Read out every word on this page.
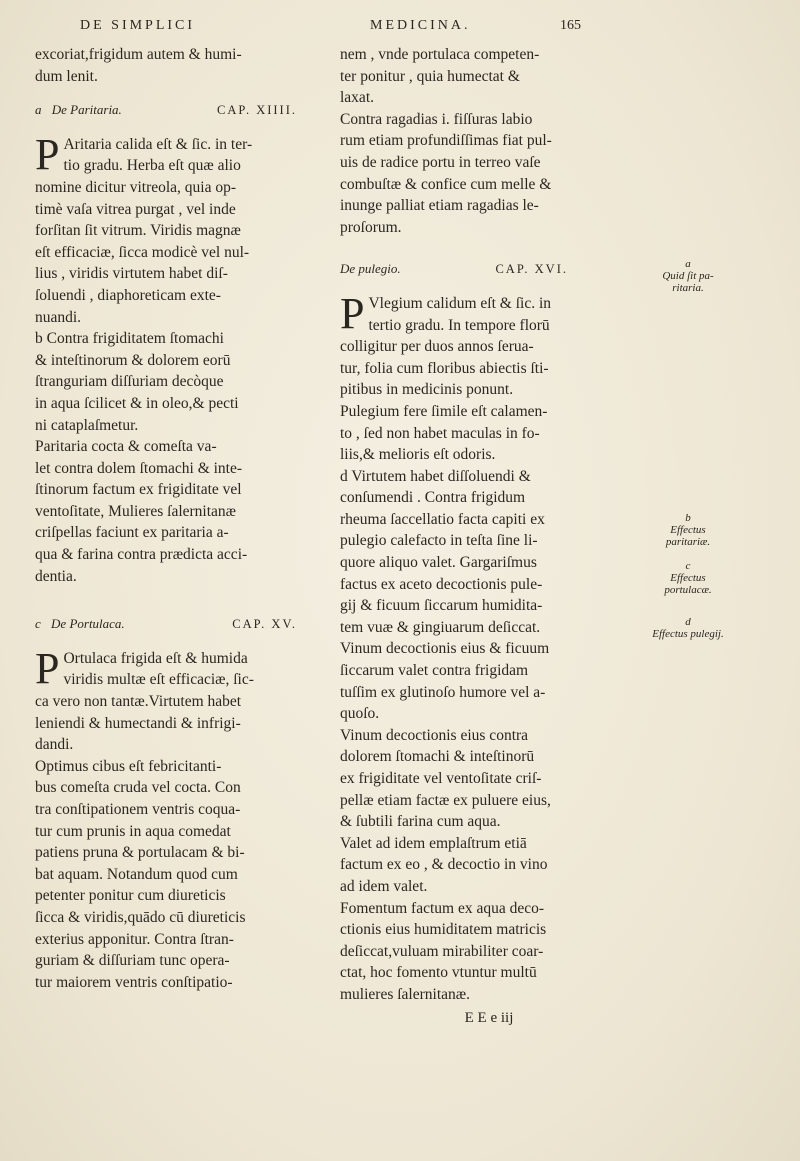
DE SIMPLICI	MEDICINA.	165
excoriat,frigidum autem & humi-
dum lenit.
a De Paritaria.	CAP. XIIII.
P Aritaria calida eſt & ſic. in ter-
tio gradu. Herba eſt quæ alio
nomine dicitur vitreola, quia op-
timè vaſa vitrea purgat , vel inde
forſitan ſit vitrum. Viridis magnæ
eſt efficaciæ, ſicca modicè vel nul-
lius , viridis virtutem habet diſ-
ſoluendi , diaphoreticam exte-
nuandi.
b Contra frigiditatem ſtomachi
& inteſtinorum & dolorem eorū
ſtranguriam diſſuriam decòque
in aqua ſcilicet & in oleo,& pecti
ni cataplaſmetur.
Paritaria cocta & comeſta va-
let contra dolem ſtomachi & inte-
ſtinorum factum ex frigiditate vel
ventoſitate, Mulieres ſalernitanæ
criſpellas faciunt ex paritaria a-
qua & farina contra prædicta acci-
dentia.
c De Portulaca.	CAP. XV.
P Ortulaca frigida eſt & humida
viridis multæ eſt efficaciæ, ſic-
ca vero non tantæ.Virtutem habet
leniendi & humectandi & infrigi-
dandi.
Optimus cibus eſt febricitanti-
bus comeſta cruda vel cocta. Con
tra conſtipationem ventris coqua-
tur cum prunis in aqua comedat
patiens pruna & portulacam & bi-
bat aquam. Notandum quod cum
petenter ponitur cum diureticis
ſicca & viridis,quādo cū diureticis
exterius apponitur. Contra ſtran-
guriam & diſſuriam tunc opera-
tur maiorem ventris conſtipatio-
nem , vnde portulaca competen-
ter ponitur , quia humectat &
laxat.
Contra ragadias i. fiſſuras labio
rum etiam profundiſſimas fiat pul-
uis de radice portu in terreo vaſe
combuſtæ & confice cum melle &
inunge palliat etiam ragadias le-
proſorum.
De pulegio.	CAP. XVI.
P Vlegium calidum eſt & ſic. in
tertio gradu. In tempore florū
colligitur per duos annos ſerua-
tur, folia cum floribus abiectis ſti-
pitibus in medicinis ponunt.
Pulegium fere ſimile eſt calamen-
to , ſed non habet maculas in fo-
liis,& melioris eſt odoris.
d Virtutem habet diſſoluendi &
conſumendi . Contra frigidum
rheuma ſaccellatio facta capiti ex
pulegio calefacto in teſta ſine li-
quore aliquo valet. Gargariſmus
factus ex aceto decoctionis pule-
gij & ficuum ſiccarum humidita-
tem vuæ & gingiuarum deſiccat.
Vinum decoctionis eius & ficuum
ſiccarum valet contra frigidam
tuſſim ex glutinoſo humore vel a-
quoſo.
Vinum decoctionis eius contra
dolorem ſtomachi & inteſtinorū
ex frigiditate vel ventoſitate criſ-
pellæ etiam factæ ex puluere eius,
& ſubtili farina cum aqua.
Valet ad idem emplaſtrum etiā
factum ex eo , & decoctio in vino
ad idem valet.
Fomentum factum ex aqua deco-
ctionis eius humiditatem matricis
deſiccat,vuluam mirabiliter coar-
ctat, hoc fomento vtuntur multū
mulieres ſalernitanæ.
E E e iij
a
Quid ſit pa-ritaria.
b
Effectus paritariæ.
c
Effectus portulacæ.
d
Effectus pulegij.
